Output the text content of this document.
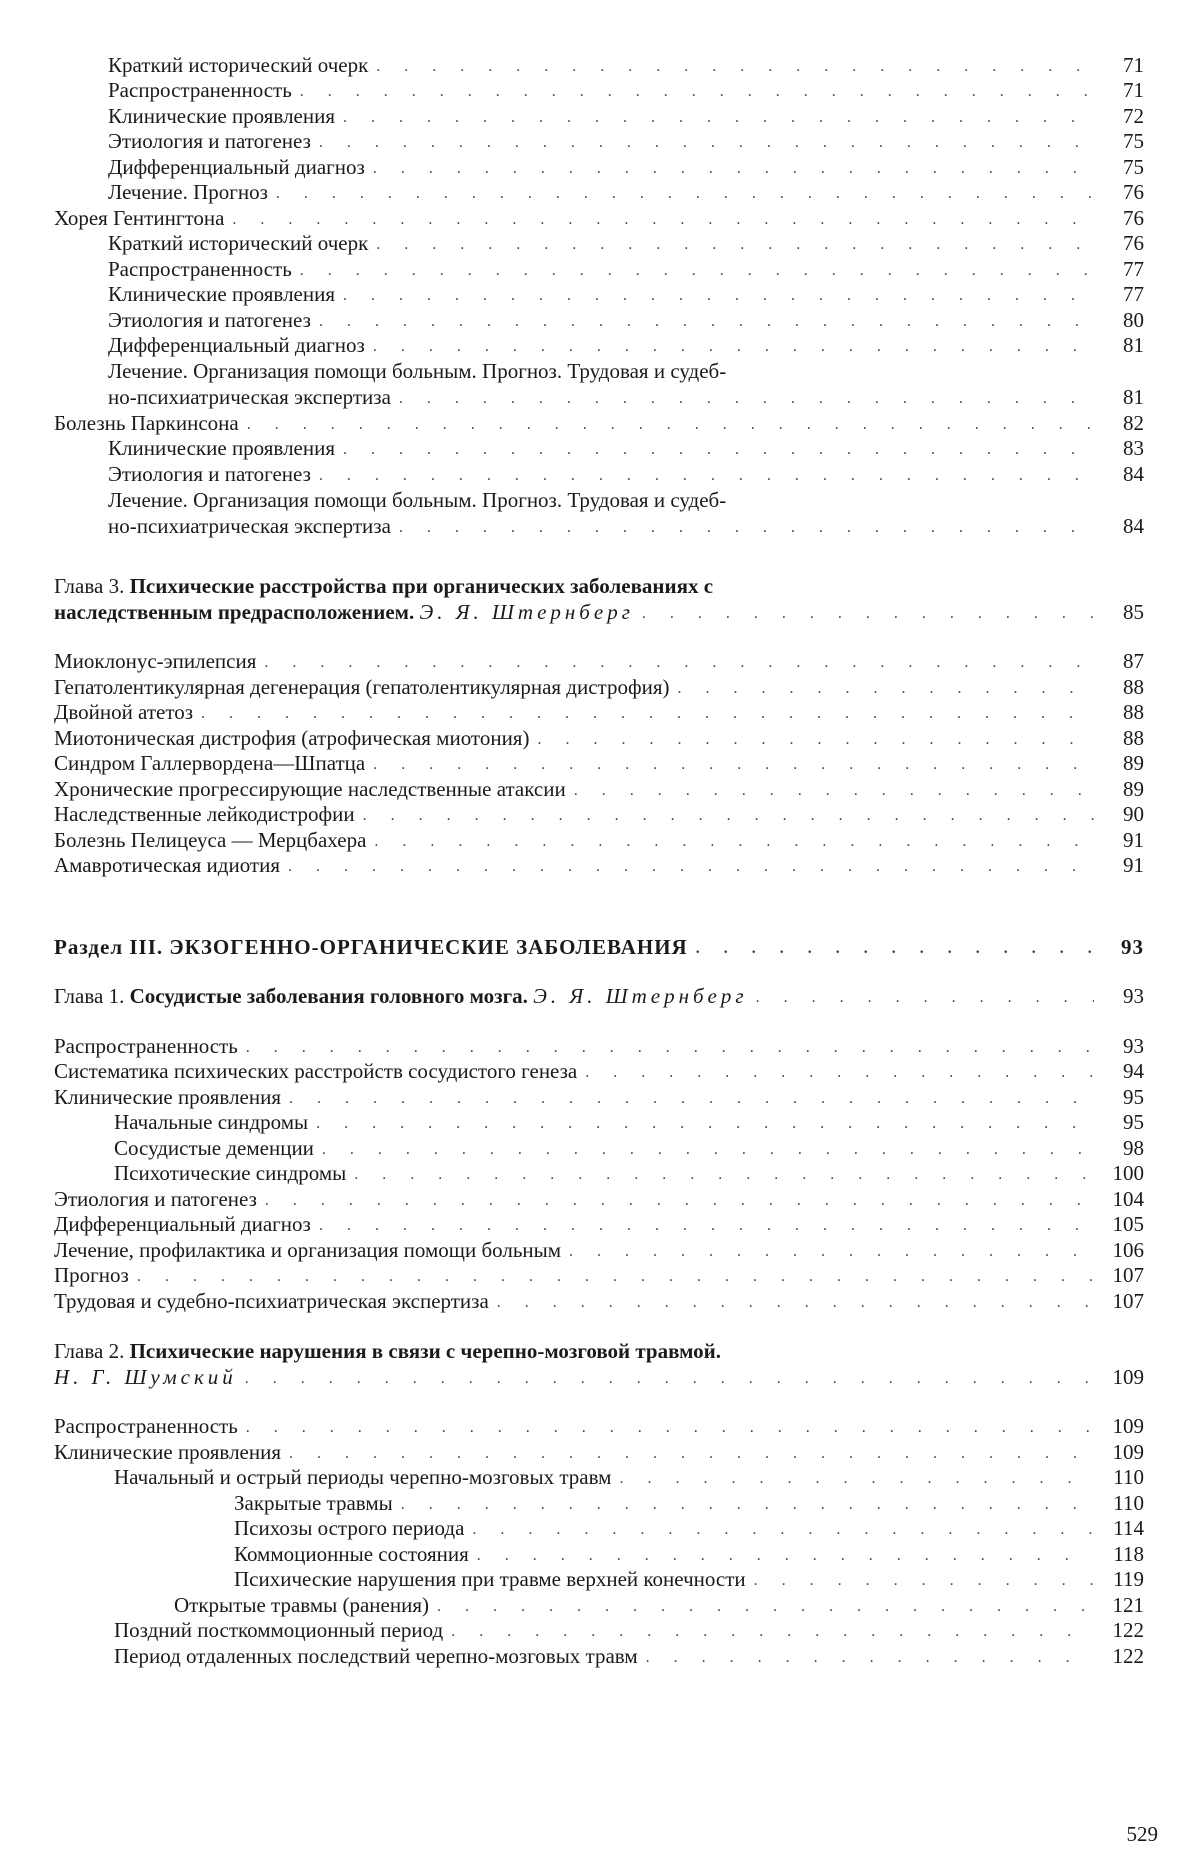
Краткий исторический очерк . . .	71
Распространенность . . .	71
Клинические проявления . . .	72
Этиология и патогенез . . .	75
Дифференциальный диагноз . . .	75
Лечение. Прогноз . . .	76
Хорея Гентингтона . . .	76
Краткий исторический очерк . . .	76
Распространенность . . .	77
Клинические проявления . . .	77
Этиология и патогенез . . .	80
Дифференциальный диагноз . . .	81
Лечение. Организация помощи больным. Прогноз. Трудовая и судеб-
но-психиатрическая экспертиза . . .	81
Болезнь Паркинсона . . .	82
Клинические проявления . . .	83
Этиология и патогенез . . .	84
Лечение. Организация помощи больным. Прогноз. Трудовая и судеб-
но-психиатрическая экспертиза . . .	84
Глава 3. Психические расстройства при органических заболеваниях с
наследственным предрасположением. Э. Я. Штернберг . . .	85
Миоклонус-эпилепсия . . .	87
Гепатолентикулярная дегенерация (гепатолентикулярная дистрофия) . . .	88
Двойной атетоз . . .	88
Миотоническая дистрофия (атрофическая миотония) . . .	88
Синдром Галлервордена—Шпатца . . .	89
Хронические прогрессирующие наследственные атаксии . . .	89
Наследственные лейкодистрофии . . .	90
Болезнь Пелицеуса — Мерцбахера . . .	91
Амавротическая идиотия . . .	91
Раздел III. ЭКЗОГЕННО-ОРГАНИЧЕСКИЕ ЗАБОЛЕВАНИЯ . . .	93
Глава 1. Сосудистые заболевания головного мозга. Э. Я. Штернберг . . .	93
Распространенность . . .	93
Систематика психических расстройств сосудистого генеза . . .	94
Клинические проявления . . .	95
Начальные синдромы . . .	95
Сосудистые деменции . . .	98
Психотические синдромы . . .	100
Этиология и патогенез . . .	104
Дифференциальный диагноз . . .	105
Лечение, профилактика и организация помощи больным . . .	106
Прогноз . . .	107
Трудовая и судебно-психиатрическая экспертиза . . .	107
Глава 2. Психические нарушения в связи с черепно-мозговой травмой.
Н. Г. Шумский . . .	109
Распространенность . . .	109
Клинические проявления . . .	109
Начальный и острый периоды черепно-мозговых травм . . .	110
Закрытые травмы . . .	110
Психозы острого периода . . .	114
Коммоционные состояния . . .	118
Психические нарушения при травме верхней конечности . . .	119
Открытые травмы (ранения) . . .	121
Поздний посткоммоционный период . . .	122
Период отдаленных последствий черепно-мозговых травм . . .	122
529
